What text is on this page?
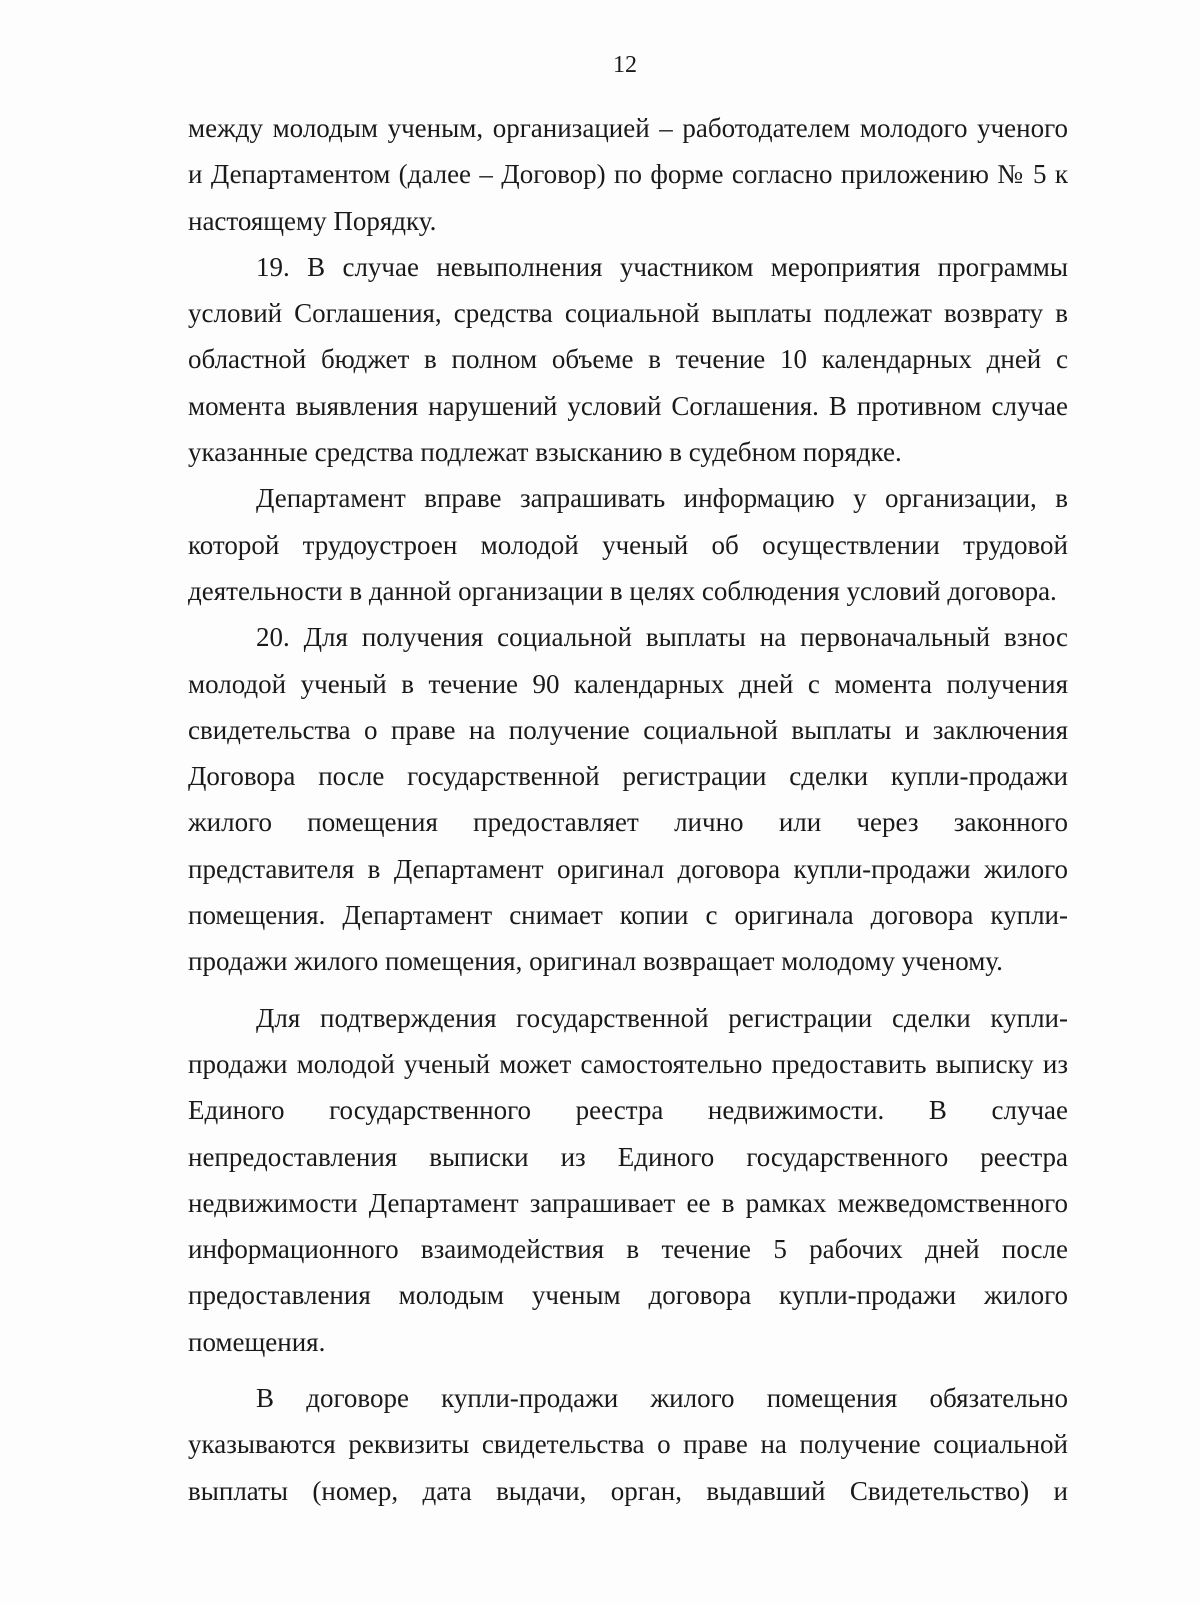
12
между молодым ученым, организацией – работодателем молодого ученого
и Департаментом (далее – Договор) по форме согласно приложению № 5 к
настоящему Порядку.
19. В случае невыполнения участником мероприятия программы
условий Соглашения, средства социальной выплаты подлежат возврату в
областной бюджет в полном объеме в течение 10 календарных дней с
момента выявления нарушений условий Соглашения. В противном случае
указанные средства подлежат взысканию в судебном порядке.
Департамент вправе запрашивать информацию у организации, в
которой трудоустроен молодой ученый об осуществлении трудовой
деятельности в данной организации в целях соблюдения условий договора.
20. Для получения социальной выплаты на первоначальный взнос
молодой ученый в течение 90 календарных дней с момента получения
свидетельства о праве на получение социальной выплаты и заключения
Договора после государственной регистрации сделки купли-продажи
жилого помещения предоставляет лично или через законного
представителя в Департамент оригинал договора купли-продажи жилого
помещения. Департамент снимает копии с оригинала договора купли-
продажи жилого помещения, оригинал возвращает молодому ученому.
Для подтверждения государственной регистрации сделки купли-
продажи молодой ученый может самостоятельно предоставить выписку из
Единого государственного реестра недвижимости. В случае
непредоставления выписки из Единого государственного реестра
недвижимости Департамент запрашивает ее в рамках межведомственного
информационного взаимодействия в течение 5 рабочих дней после
предоставления молодым ученым договора купли-продажи жилого
помещения.
В договоре купли-продажи жилого помещения обязательно
указываются реквизиты свидетельства о праве на получение социальной
выплаты (номер, дата выдачи, орган, выдавший Свидетельство) и
